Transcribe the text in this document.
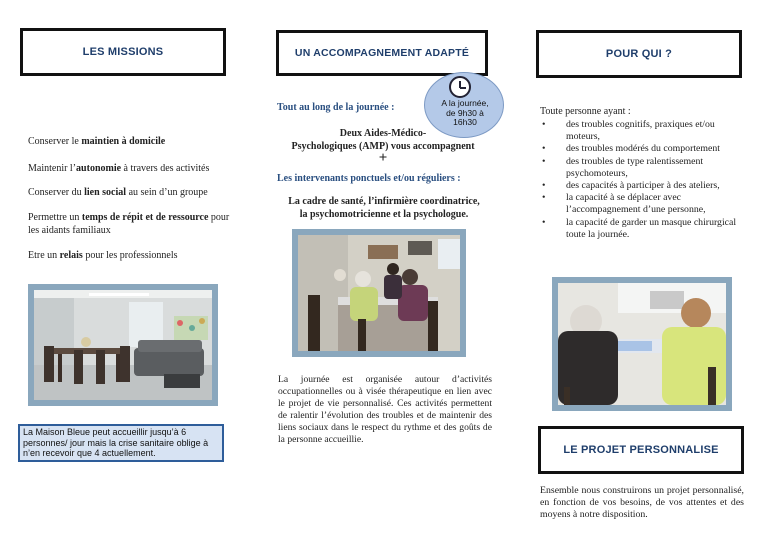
LES MISSIONS
Conserver le maintien à domicile
Maintenir l’autonomie à travers des activités
Conserver du lien social au sein d’un groupe
Permettre un temps de répit et de ressource pour les aidants familiaux
Etre un relais pour les professionnels
La Maison Bleue peut accueillir jusqu’à 6 personnes/ jour mais la crise sanitaire oblige à n’en recevoir que 4 actuellement.
UN ACCOMPAGNEMENT ADAPTÉ
A la journée,
de 9h30 à
16h30
Tout au long de la journée :
Deux Aides-Médico-
Psychologiques (AMP) vous accompagnent
+
Les intervenants ponctuels et/ou réguliers :
La cadre de santé, l’infirmière coordinatrice, la psychomotricienne et la psychologue.
La journée est organisée autour d’activités occupationnelles ou à visée thérapeutique en lien avec le projet de vie personnalisé. Ces activités permettent de ralentir l’évolution des troubles et de maintenir des liens sociaux dans le respect du rythme et des goûts de la personne accueillie.
POUR QUI ?
Toute personne ayant :
• des troubles cognitifs, praxiques et/ou moteurs,
• des troubles modérés du comportement
• des troubles de type ralentissement psychomoteurs,
• des capacités à participer à des ateliers,
• la capacité à se déplacer avec l’accompagnement d’une personne,
• la capacité de garder un masque chirurgical toute la journée.
LE PROJET PERSONNALISE
Ensemble nous construirons un projet personnalisé, en fonction de vos besoins, de vos attentes et des moyens à notre disposition.
